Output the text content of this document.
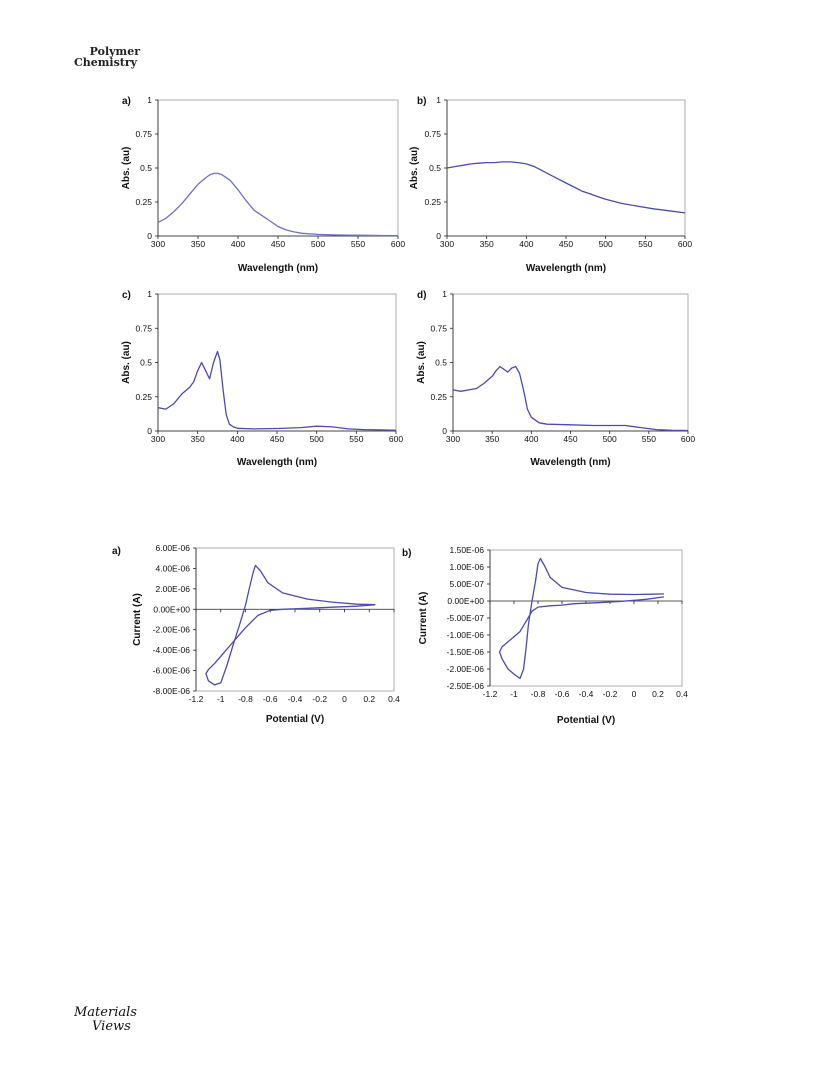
Polymer
Chemistry
0
0.25
0.5
0.75
1
300	350	400	450	500	550	600
Wavelength (nm)
Abs. (au)
a)
0
0.25
0.5
0.75
1
300	350	400	450	500	550	600
Wavelength (nm)
Abs. (au)
b)
0
0.25
0.5
0.75
1
300	350	400	450	500	550	600
Wavelength (nm)
Abs. (au)
c)
0
0.25
0.5
0.75
1
300	350	400	450	500	550	600
Wavelength (nm)
Abs. (au)
d)
-8.00E-06
-6.00E-06
-4.00E-06
-2.00E-06
0.00E+00
2.00E-06
4.00E-06
6.00E-06
-1.2 -1 -0.8 -0.6 -0.4 -0.2 0 0.2 0.4
Potential (V)
Current (A)
a)
-2.50E-06
-2.00E-06
-1.50E-06
-1.00E-06
-5.00E-07
0.00E+00
5.00E-07
1.00E-06
1.50E-06
-1.2 -1 -0.8 -0.6 -0.4 -0.2 0 0.2 0.4
Potential (V)
Current (A)
b)
Materials
Views
